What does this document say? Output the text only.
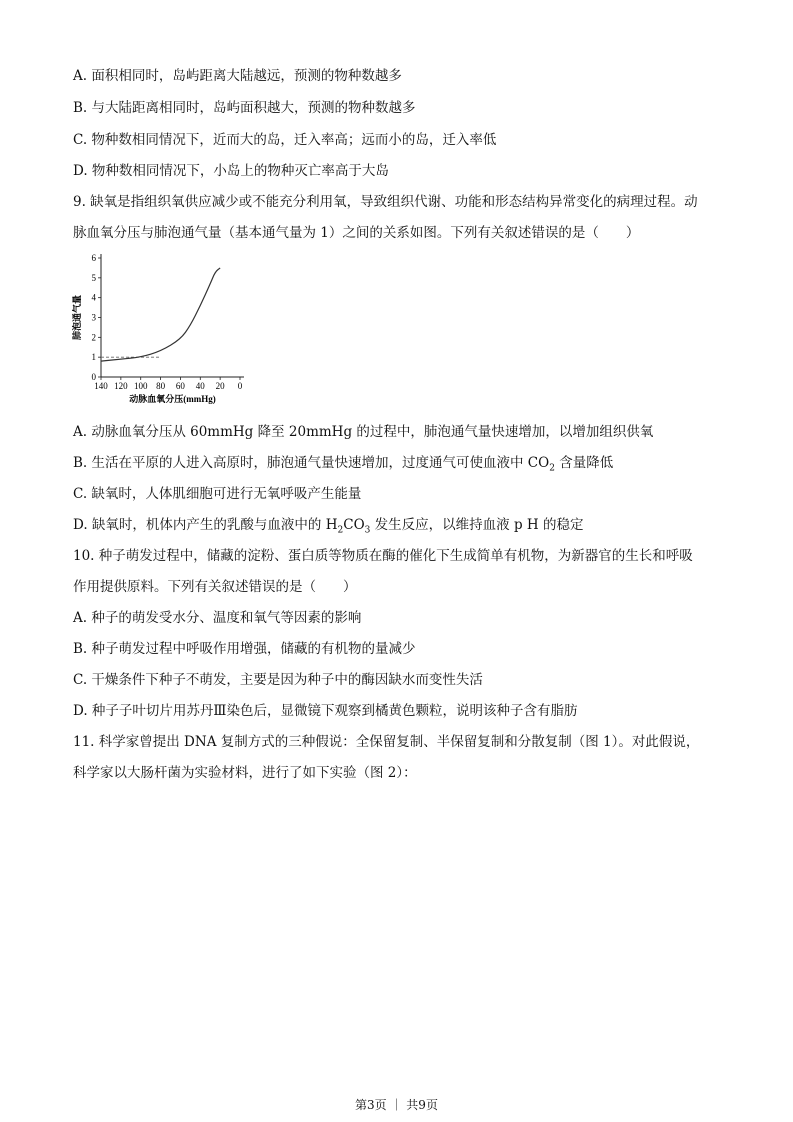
A. 面积相同时，岛屿距离大陆越远，预测的物种数越多
B. 与大陆距离相同时，岛屿面积越大，预测的物种数越多
C. 物种数相同情况下，近而大的岛，迁入率高；远而小的岛，迁入率低
D. 物种数相同情况下，小岛上的物种灭亡率高于大岛
9. 缺氧是指组织氧供应减少或不能充分利用氧，导致组织代谢、功能和形态结构异常变化的病理过程。动
脉血氧分压与肺泡通气量（基本通气量为 1）之间的关系如图。下列有关叙述错误的是（　　）
0
1
2
3
4
5
6
140 120 100 80 60 40 20 0
肺泡通气量
动脉血氧分压(mmHg)
A. 动脉血氧分压从 60mmHg 降至 20mmHg 的过程中，肺泡通气量快速增加，以增加组织供氧
B. 生活在平原的人进入高原时，肺泡通气量快速增加，过度通气可使血液中 $CO_2$ 含量降低
C. 缺氧时，人体肌细胞可进行无氧呼吸产生能量
D. 缺氧时，机体内产生的乳酸与血液中的 $H_2CO_3$ 发生反应，以维持血液 p H 的稳定
10. 种子萌发过程中，储藏的淀粉、蛋白质等物质在酶的催化下生成简单有机物，为新器官的生长和呼吸
作用提供原料。下列有关叙述错误的是（　　）
A. 种子的萌发受水分、温度和氧气等因素的影响
B. 种子萌发过程中呼吸作用增强，储藏的有机物的量减少
C. 干燥条件下种子不萌发，主要是因为种子中的酶因缺水而变性失活
D. 种子子叶切片用苏丹Ⅲ染色后，显微镜下观察到橘黄色颗粒，说明该种子含有脂肪
11. 科学家曾提出 DNA 复制方式的三种假说：全保留复制、半保留复制和分散复制（图 1）。对此假说，
科学家以大肠杆菌为实验材料，进行了如下实验（图 2）：
第3页 ｜ 共9页
